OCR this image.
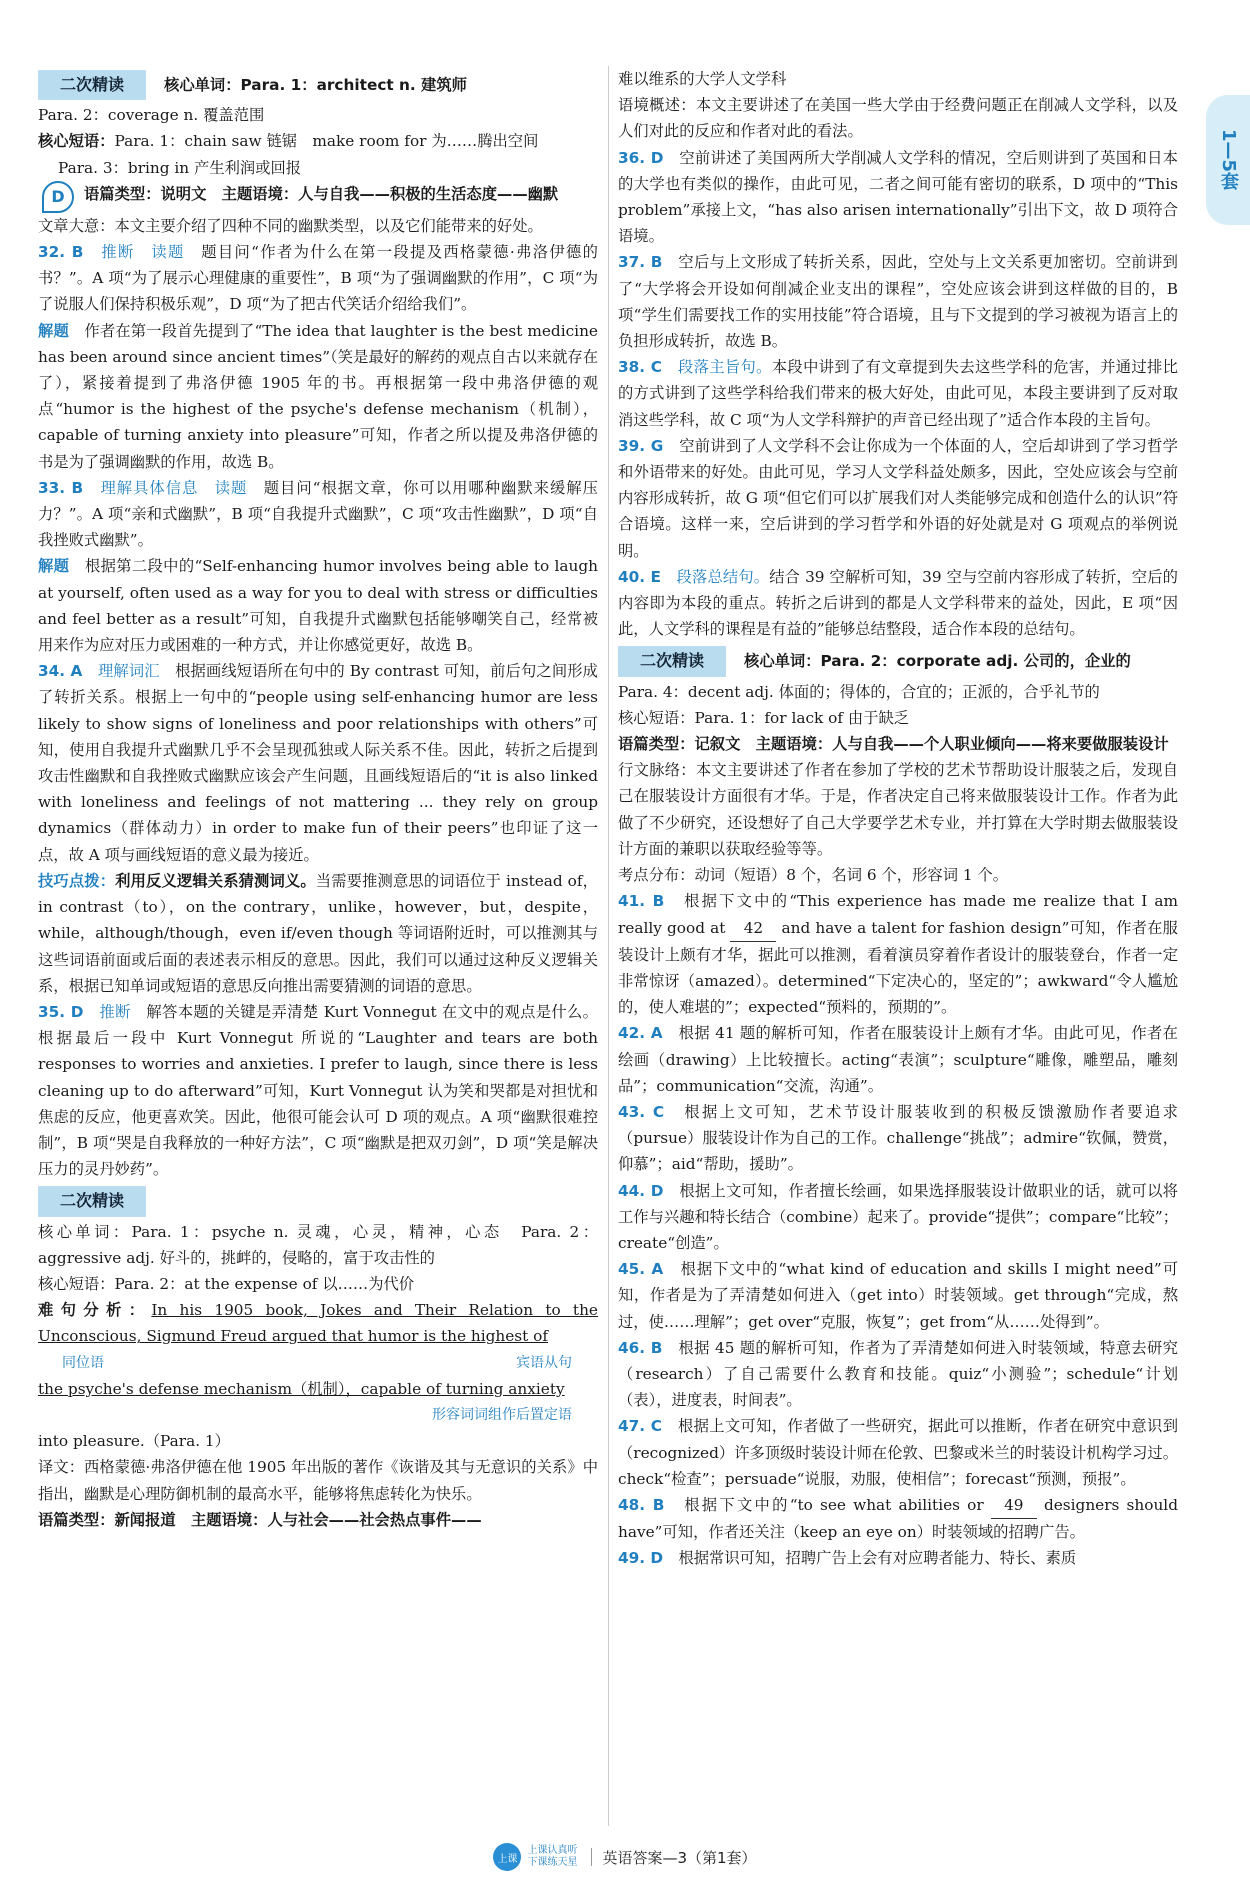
1—5套
二次精读	核心单词：Para. 1：architect n. 建筑师

Para. 2：coverage n. 覆盖范围

核心短语：Para. 1：chain saw 链锯　make room for 为……腾出空间

Para. 3：bring in 产生利润或回报

D	语篇类型：说明文　主题语境：人与自我——积极的生活态度——幽默

文章大意：本文主要介绍了四种不同的幽默类型，以及它们能带来的好处。

32. B　 推断　读题　 题目问“作者为什么在第一段提及西格蒙德·弗洛伊德的书？”。A 项“为了展示心理健康的重要性”，B 项“为了强调幽默的作用”，C 项“为了说服人们保持积极乐观”，D 项“为了把古代笑话介绍给我们”。

解题　 作者在第一段首先提到了“The idea that laughter is the best medicine has been around since ancient times”（笑是最好的解药的观点自古以来就存在了），紧接着提到了弗洛伊德 1905 年的书。再根据第一段中弗洛伊德的观点“humor is the highest of the psyche's defense mechanism（机制），capable of turning anxiety into pleasure”可知，作者之所以提及弗洛伊德的书是为了强调幽默的作用，故选 B。

33. B　 理解具体信息　读题　 题目问“根据文章，你可以用哪种幽默来缓解压力？”。A 项“亲和式幽默”，B 项“自我提升式幽默”，C 项“攻击性幽默”，D 项“自我挫败式幽默”。

解题　 根据第二段中的“Self-enhancing humor involves being able to laugh at yourself, often used as a way for you to deal with stress or difficulties and feel better as a result”可知，自我提升式幽默包括能够嘲笑自己，经常被用来作为应对压力或困难的一种方式，并让你感觉更好，故选 B。

34. A　 理解词汇　 根据画线短语所在句中的 By contrast 可知，前后句之间形成了转折关系。根据上一句中的“people using self-enhancing humor are less likely to show signs of loneliness and poor relationships with others”可知，使用自我提升式幽默几乎不会呈现孤独或人际关系不佳。因此，转折之后提到攻击性幽默和自我挫败式幽默应该会产生问题，且画线短语后的“it is also linked with loneliness and feelings of not mattering ... they rely on group dynamics（群体动力）in order to make fun of their peers”也印证了这一点，故 A 项与画线短语的意义最为接近。

技巧点拨：利用反义逻辑关系猜测词义。当需要推测意思的词语位于 instead of，in contrast（to），on the contrary，unlike，however，but，despite，while，although/though，even if/even though 等词语附近时，可以推测其与这些词语前面或后面的表述表示相反的意思。因此，我们可以通过这种反义逻辑关系，根据已知单词或短语的意思反向推出需要猜测的词语的意思。

35. D　 推断　 解答本题的关键是弄清楚 Kurt Vonnegut 在文中的观点是什么。根据最后一段中 Kurt Vonnegut 所说的“Laughter and tears are both responses to worries and anxieties. I prefer to laugh, since there is less cleaning up to do afterward”可知，Kurt Vonnegut 认为笑和哭都是对担忧和焦虑的反应，他更喜欢笑。因此，他很可能会认可 D 项的观点。A 项“幽默很难控制”，B 项“哭是自我释放的一种好方法”，C 项“幽默是把双刃剑”，D 项“笑是解决压力的灵丹妙药”。

二次精读

核心单词：Para. 1：psyche n. 灵魂，心灵，精神，心态　Para. 2：aggressive adj. 好斗的，挑衅的，侵略的，富于攻击性的

核心短语：Para. 2：at the expense of 以……为代价

难句分析：In his 1905 book, Jokes and Their Relation to the Unconscious, Sigmund Freud argued that humor is the highest of

同位语	宾语从句

the psyche's defense mechanism（机制），capable of turning anxiety

形容词词组作后置定语

into pleasure.（Para. 1）

译文：西格蒙德·弗洛伊德在他 1905 年出版的著作《诙谐及其与无意识的关系》中指出，幽默是心理防御机制的最高水平，能够将焦虑转化为快乐。

语篇类型：新闻报道　主题语境：人与社会——社会热点事件——

难以维系的大学人文学科

语境概述：本文主要讲述了在美国一些大学由于经费问题正在削减人文学科，以及人们对此的反应和作者对此的看法。

36. D　 空前讲述了美国两所大学削减人文学科的情况，空后则讲到了英国和日本的大学也有类似的操作，由此可见，二者之间可能有密切的联系，D 项中的“This problem”承接上文，“has also arisen internationally”引出下文，故 D 项符合语境。

37. B　 空后与上文形成了转折关系，因此，空处与上文关系更加密切。空前讲到了“大学将会开设如何削减企业支出的课程”，空处应该会讲到这样做的目的，B 项“学生们需要找工作的实用技能”符合语境，且与下文提到的学习被视为语言上的负担形成转折，故选 B。

38. C　 段落主旨句。本段中讲到了有文章提到失去这些学科的危害，并通过排比的方式讲到了这些学科给我们带来的极大好处，由此可见，本段主要讲到了反对取消这些学科，故 C 项“为人文学科辩护的声音已经出现了”适合作本段的主旨句。

39. G　 空前讲到了人文学科不会让你成为一个体面的人，空后却讲到了学习哲学和外语带来的好处。由此可见，学习人文学科益处颇多，因此，空处应该会与空前内容形成转折，故 G 项“但它们可以扩展我们对人类能够完成和创造什么的认识”符合语境。这样一来，空后讲到的学习哲学和外语的好处就是对 G 项观点的举例说明。

40. E　 段落总结句。结合 39 空解析可知，39 空与空前内容形成了转折，空后的内容即为本段的重点。转折之后讲到的都是人文学科带来的益处，因此，E 项“因此，人文学科的课程是有益的”能够总结整段，适合作本段的总结句。

二次精读	核心单词：Para. 2：corporate adj. 公司的，企业的

Para. 4：decent adj. 体面的；得体的，合宜的；正派的，合乎礼节的

核心短语：Para. 1：for lack of 由于缺乏

语篇类型：记叙文　主题语境：人与自我——个人职业倾向——将来要做服装设计

行文脉络：本文主要讲述了作者在参加了学校的艺术节帮助设计服装之后，发现自己在服装设计方面很有才华。于是，作者决定自己将来做服装设计工作。作者为此做了不少研究，还设想好了自己大学要学艺术专业，并打算在大学时期去做服装设计方面的兼职以获取经验等等。

考点分布：动词（短语）8 个，名词 6 个，形容词 1 个。

41. B　 根据下文中的“This experience has made me realize that I am really good at 42 and have a talent for fashion design”可知，作者在服装设计上颇有才华，据此可以推测，看着演员穿着作者设计的服装登台，作者一定非常惊讶（amazed）。determined“下定决心的，坚定的”；awkward“令人尴尬的，使人难堪的”；expected“预料的，预期的”。

42. A　 根据 41 题的解析可知，作者在服装设计上颇有才华。由此可见，作者在绘画（drawing）上比较擅长。acting“表演”；sculpture“雕像，雕塑品，雕刻品”；communication“交流，沟通”。

43. C　 根据上文可知，艺术节设计服装收到的积极反馈激励作者要追求（pursue）服装设计作为自己的工作。challenge“挑战”；admire“钦佩，赞赏，仰慕”；aid“帮助，援助”。

44. D　 根据上文可知，作者擅长绘画，如果选择服装设计做职业的话，就可以将工作与兴趣和特长结合（combine）起来了。provide“提供”；compare“比较”；create“创造”。

45. A　 根据下文中的“what kind of education and skills I might need”可知，作者是为了弄清楚如何进入（get into）时装领域。get through“完成，熬过，使……理解”；get over“克服，恢复”；get from“从……处得到”。

46. B　 根据 45 题的解析可知，作者为了弄清楚如何进入时装领域，特意去研究（research）了自己需要什么教育和技能。quiz“小测验”；schedule“计划（表），进度表，时间表”。

47. C　 根据上文可知，作者做了一些研究，据此可以推断，作者在研究中意识到（recognized）许多顶级时装设计师在伦敦、巴黎或米兰的时装设计机构学习过。check“检查”；persuade“说服，劝服，使相信”；forecast“预测，预报”。

48. B　 根据下文中的“to see what abilities or 49 designers should have”可知，作者还关注（keep an eye on）时装领域的招聘广告。

49. D　 根据常识可知，招聘广告上会有对应聘者能力、特长、素质

上课
上课认真听 下课练天星	英语答案—3（第1套）
